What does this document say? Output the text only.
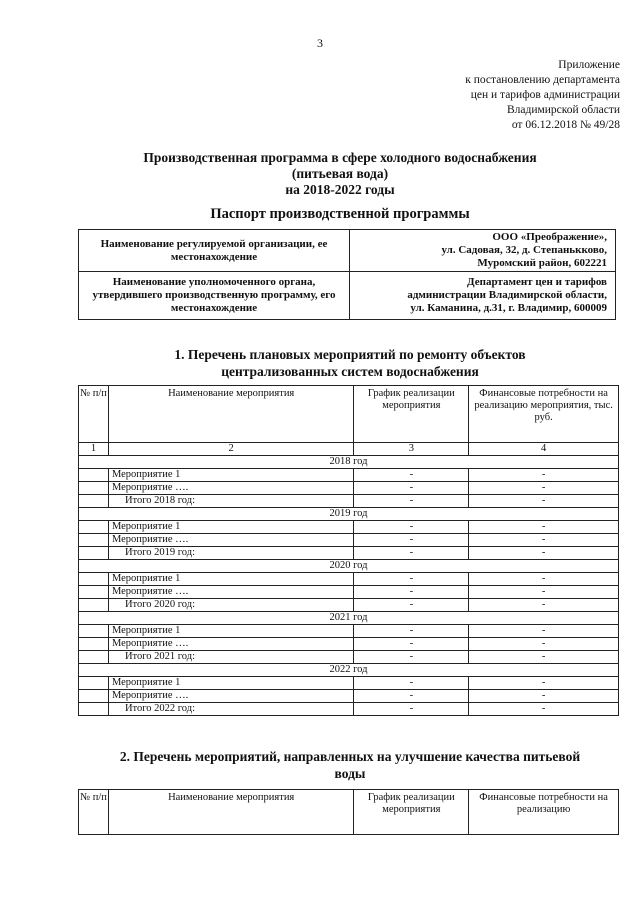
3
Приложение
к постановлению департамента
цен и тарифов администрации
Владимирской области
от 06.12.2018 № 49/28
Производственная программа в сфере холодного водоснабжения
(питьевая вода)
на 2018-2022 годы
Паспорт производственной программы
Наименование регулируемой организации, ее местонахождение	ООО «Преображение»,
ул. Садовая, 32, д. Степанькково,
Муромский район, 602221

Наименование уполномоченного органа, утвердившего производственную программу, его местонахождение	Департамент цен и тарифов
администрации Владимирской области,
ул. Каманина, д.31, г. Владимир, 600009
1. Перечень плановых мероприятий по ремонту объектов
централизованных систем водоснабжения
№ п/п	Наименование мероприятия	График реализации мероприятия	Финансовые потребности на реализацию мероприятия, тыс. руб.
1	2	3	4
2018 год			
	Мероприятие 1	-	-
	Мероприятие ….	-	-
	Итого 2018 год:	-	-
2019 год			
	Мероприятие 1	-	-
	Мероприятие ….	-	-
	Итого 2019 год:	-	-
2020 год			
	Мероприятие 1	-	-
	Мероприятие ….	-	-
	Итого 2020 год:	-	-
2021 год			
	Мероприятие 1	-	-
	Мероприятие ….	-	-
	Итого 2021 год:	-	-
2022 год			
	Мероприятие 1	-	-
	Мероприятие ….	-	-
	Итого 2022 год:	-	-
2. Перечень мероприятий, направленных на улучшение качества питьевой
воды
№ п/п	Наименование мероприятия	График реализации мероприятия	Финансовые потребности на реализацию
